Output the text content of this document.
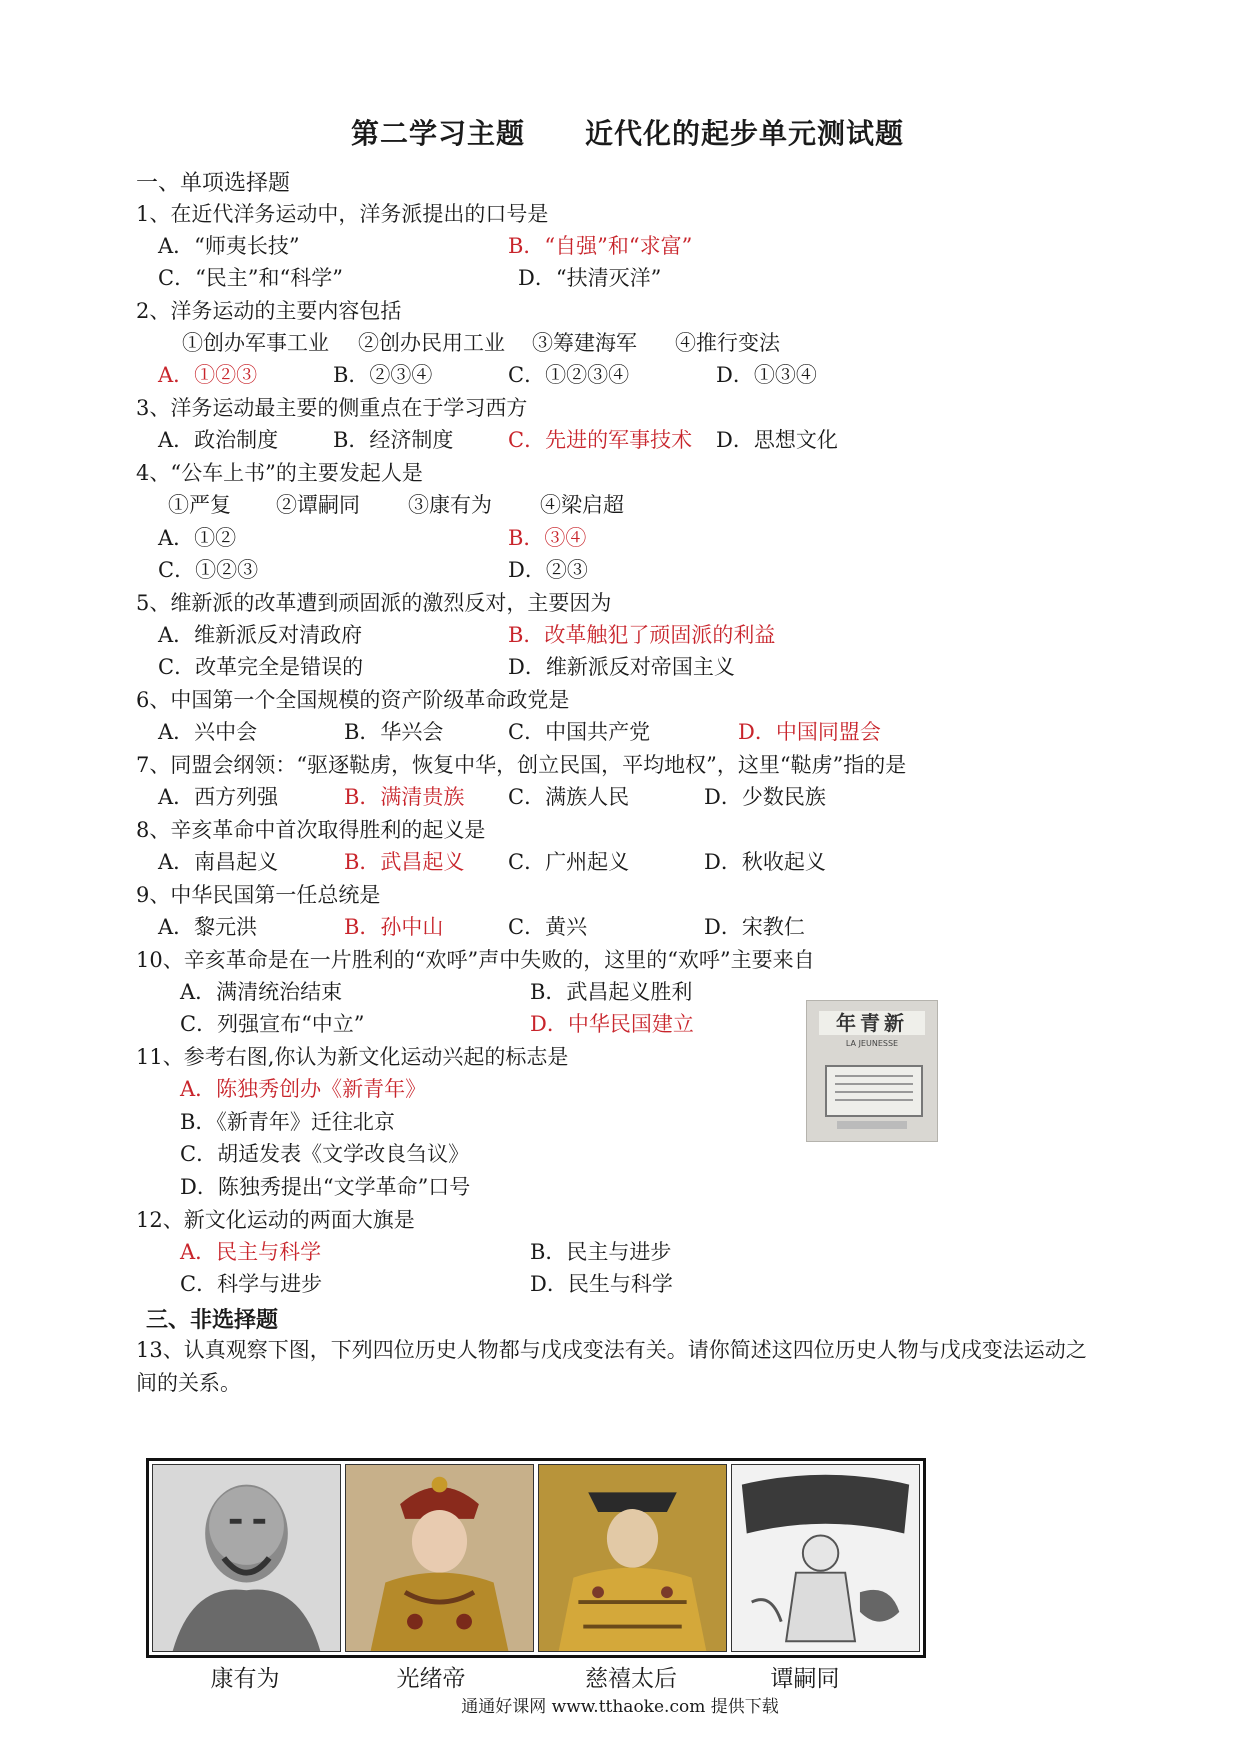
第二学习主题 近代化的起步单元测试题
一、单项选择题
1、在近代洋务运动中，洋务派提出的口号是
A．“师夷长技”	B．“自强”和“求富”
C．“民主”和“科学”	D．“扶清灭洋”
2、洋务运动的主要内容包括
①创办军事工业 ②创办民用工业 ③筹建海军 ④推行变法
A．①②③	B．②③④	C．①②③④	D．①③④
3、洋务运动最主要的侧重点在于学习西方
A．政治制度	B．经济制度	C．先进的军事技术 D．思想文化
4、“公车上书”的主要发起人是
①严复 ②谭嗣同 ③康有为 ④梁启超
A．①②	B．③④
C．①②③	D．②③
5、维新派的改革遭到顽固派的激烈反对，主要因为
A．维新派反对清政府	B．改革触犯了顽固派的利益
C．改革完全是错误的	D．维新派反对帝国主义
6、中国第一个全国规模的资产阶级革命政党是
A．兴中会	B．华兴会	C．中国共产党	D．中国同盟会
7、同盟会纲领：“驱逐鞑虏，恢复中华，创立民国，平均地权”，这里“鞑虏”指的是
A．西方列强	B．满清贵族 C．满族人民	D．少数民族
8、辛亥革命中首次取得胜利的起义是
A．南昌起义	B．武昌起义 C．广州起义	D．秋收起义
9、中华民国第一任总统是
A．黎元洪	B．孙中山	C．黄兴	D．宋教仁
10、辛亥革命是在一片胜利的“欢呼”声中失败的，这里的“欢呼”主要来自
A．满清统治结束	B．武昌起义胜利
C．列强宣布“中立”	D．中华民国建立	年青新
LA JEUNESSE
11、参考右图,你认为新文化运动兴起的标志是
A．陈独秀创办《新青年》
B．《新青年》迁往北京
C．胡适发表《文学改良刍议》
D．陈独秀提出“文学革命”口号
12、新文化运动的两面大旗是
A．民主与科学	B．民主与进步
C．科学与进步	D．民生与科学
三、非选择题
13、认真观察下图，下列四位历史人物都与戊戌变法有关。请你简述这四位历史人物与戊戌变法运动之
间的关系。
康有为	光绪帝	慈禧太后	谭嗣同
通通好课网 www.tthaoke.com 提供下载
